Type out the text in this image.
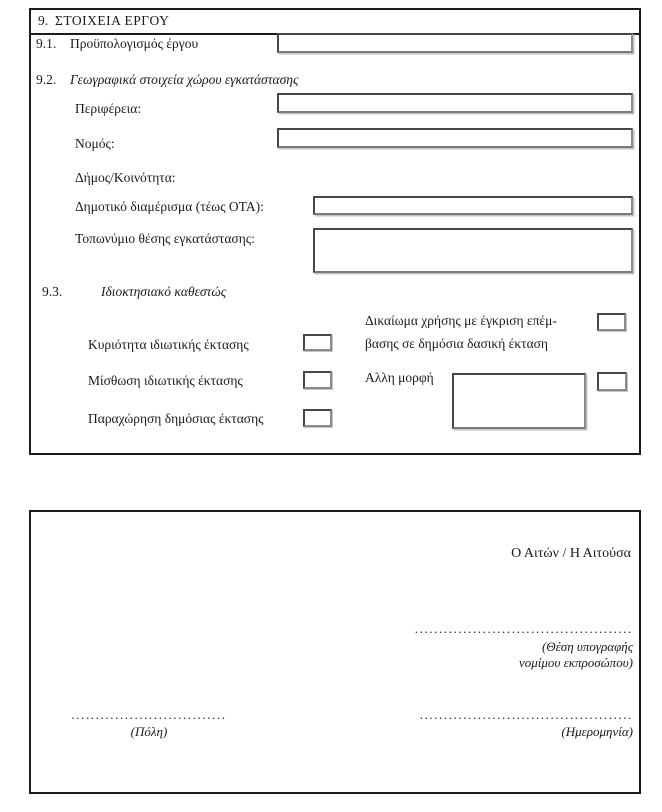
9. ΣΤΟΙΧΕΙΑ ΕΡΓΟΥ
9.1. Προϋπολογισμός έργου
9.2. Γεωγραφικά στοιχεία χώρου εγκατάστασης
Περιφέρεια:
Νομός:
Δήμος/Κοινότητα:
Δημοτικό διαμέρισμα (τέως ΟΤΑ):
Τοπωνύμιο θέσης εγκατάστασης:
9.3.	Ιδιοκτησιακό καθεστώς
Δικαίωμα χρήσης με έγκριση επέμ-
βασης σε δημόσια δασική έκταση
Κυριότητα ιδιωτικής έκτασης
Μίσθωση ιδιωτικής έκτασης	Αλλη μορφή
Παραχώρηση δημόσιας έκτασης
Ο Αιτών / Η Αιτούσα
.............................................
(Θέση υπογραφής
νομίμου εκπροσώπου)
................................
(Πόλη)
............................................
(Ημερομηνία)
